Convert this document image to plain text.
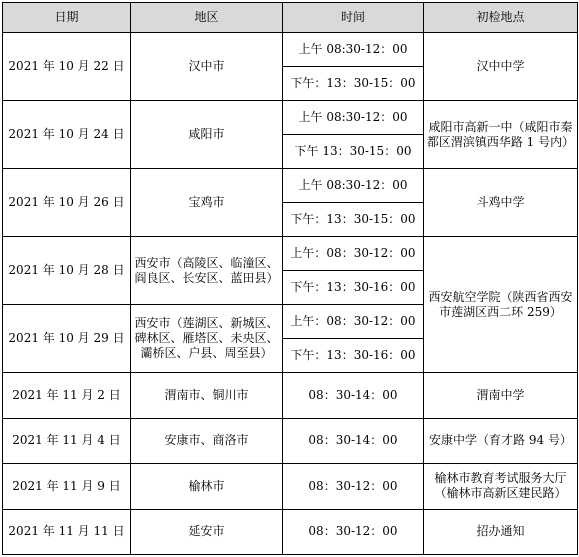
日期	地区	时间	初检地点
2021 年 10 月 22 日	汉中市	上午 08:30-12：00	汉中中学
		下午：13：30-15：00	
2021 年 10 月 24 日	咸阳市	上午 08:30-12：00	咸阳市高新一中（咸阳市秦都区渭滨镇西华路 1 号内）
		下午 13：30-15：00	
2021 年 10 月 26 日	宝鸡市	上午 08:30-12：00	斗鸡中学
		下午：13：30-15：00	
2021 年 10 月 28 日	西安市（高陵区、临潼区、阎良区、长安区、蓝田县）	上午：08：30-12：00	西安航空学院（陕西省西安市莲湖区西二环 259）
		下午：13：30-16：00	
2021 年 10 月 29 日	西安市（莲湖区、新城区、碑林区、雁塔区、未央区、灞桥区、户县、周至县）	上午：08：30-12：00	
		下午：13：30-16：00	
2021 年 11 月 2 日	渭南市、铜川市	08：30-14：00	渭南中学
2021 年 11 月 4 日	安康市、商洛市	08：30-14：00	安康中学（育才路 94 号）
2021 年 11 月 9 日	榆林市	08：30-12：00	榆林市教育考试服务大厅（榆林市高新区建民路）
2021 年 11 月 11 日	延安市	08：30-12：00	招办通知
